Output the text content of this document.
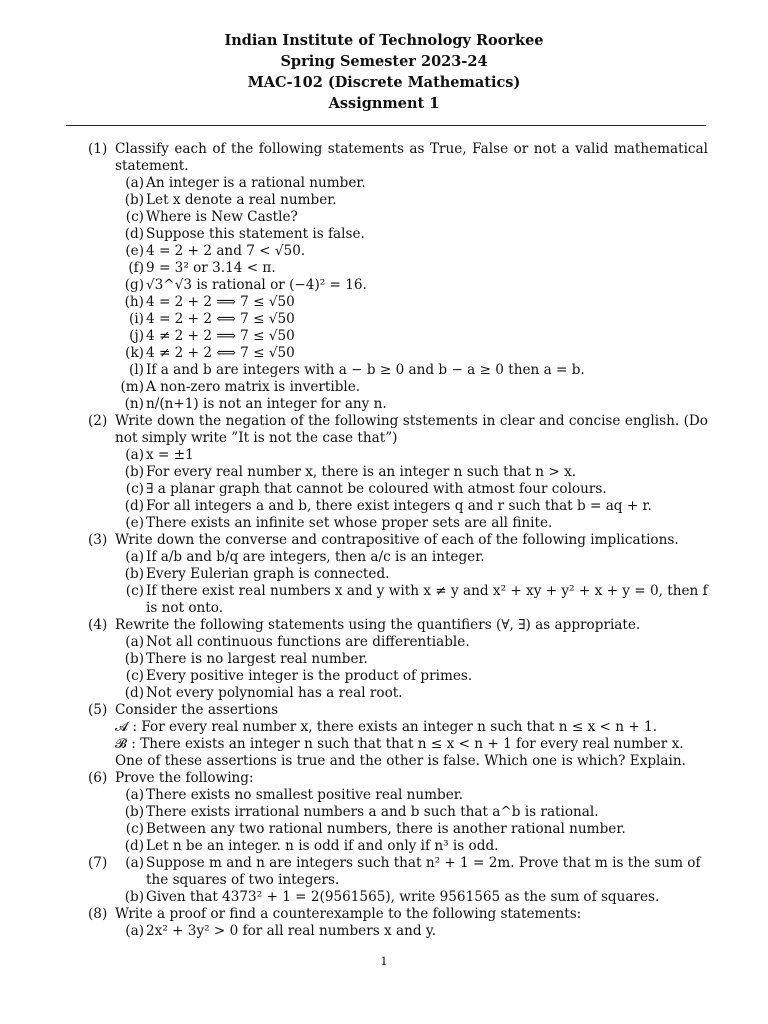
Indian Institute of Technology Roorkee
Spring Semester 2023-24
MAC-102 (Discrete Mathematics)
Assignment 1
(1) Classify each of the following statements as True, False or not a valid mathematical statement.
(a) An integer is a rational number.
(b) Let x denote a real number.
(c) Where is New Castle?
(d) Suppose this statement is false.
(e) 4 = 2 + 2 and 7 < √50.
(f) 9 = 3² or 3.14 < π.
(g) √3^√3 is rational or (−4)² = 16.
(h) 4 = 2 + 2 ⟹ 7 ≤ √50
(i) 4 = 2 + 2 ⟺ 7 ≤ √50
(j) 4 ≠ 2 + 2 ⟹ 7 ≤ √50
(k) 4 ≠ 2 + 2 ⟺ 7 ≤ √50
(l) If a and b are integers with a − b ≥ 0 and b − a ≥ 0 then a = b.
(m) A non-zero matrix is invertible.
(n) n/(n+1) is not an integer for any n.
(2) Write down the negation of the following ststements in clear and concise english. (Do not simply write ”It is not the case that”)
(a) x = ±1
(b) For every real number x, there is an integer n such that n > x.
(c) ∃ a planar graph that cannot be coloured with atmost four colours.
(d) For all integers a and b, there exist integers q and r such that b = aq + r.
(e) There exists an infinite set whose proper sets are all finite.
(3) Write down the converse and contrapositive of each of the following implications.
(a) If a/b and b/q are integers, then a/c is an integer.
(b) Every Eulerian graph is connected.
(c) If there exist real numbers x and y with x ≠ y and x² + xy + y² + x + y = 0, then f is not onto.
(4) Rewrite the following statements using the quantifiers (∀, ∃) as appropriate.
(a) Not all continuous functions are differentiable.
(b) There is no largest real number.
(c) Every positive integer is the product of primes.
(d) Not every polynomial has a real root.
(5) Consider the assertions
𝓐 : For every real number x, there exists an integer n such that n ≤ x < n + 1.
𝓑 : There exists an integer n such that that n ≤ x < n + 1 for every real number x.
One of these assertions is true and the other is false. Which one is which? Explain.
(6) Prove the following:
(a) There exists no smallest positive real number.
(b) There exists irrational numbers a and b such that a^b is rational.
(c) Between any two rational numbers, there is another rational number.
(d) Let n be an integer. n is odd if and only if n³ is odd.
(7)	(a) Suppose m and n are integers such that n² + 1 = 2m. Prove that m is the sum of the squares of two integers.
(b) Given that 4373² + 1 = 2(9561565), write 9561565 as the sum of squares.
(8) Write a proof or find a counterexample to the following statements:
(a) 2x² + 3y² > 0 for all real numbers x and y.
1
